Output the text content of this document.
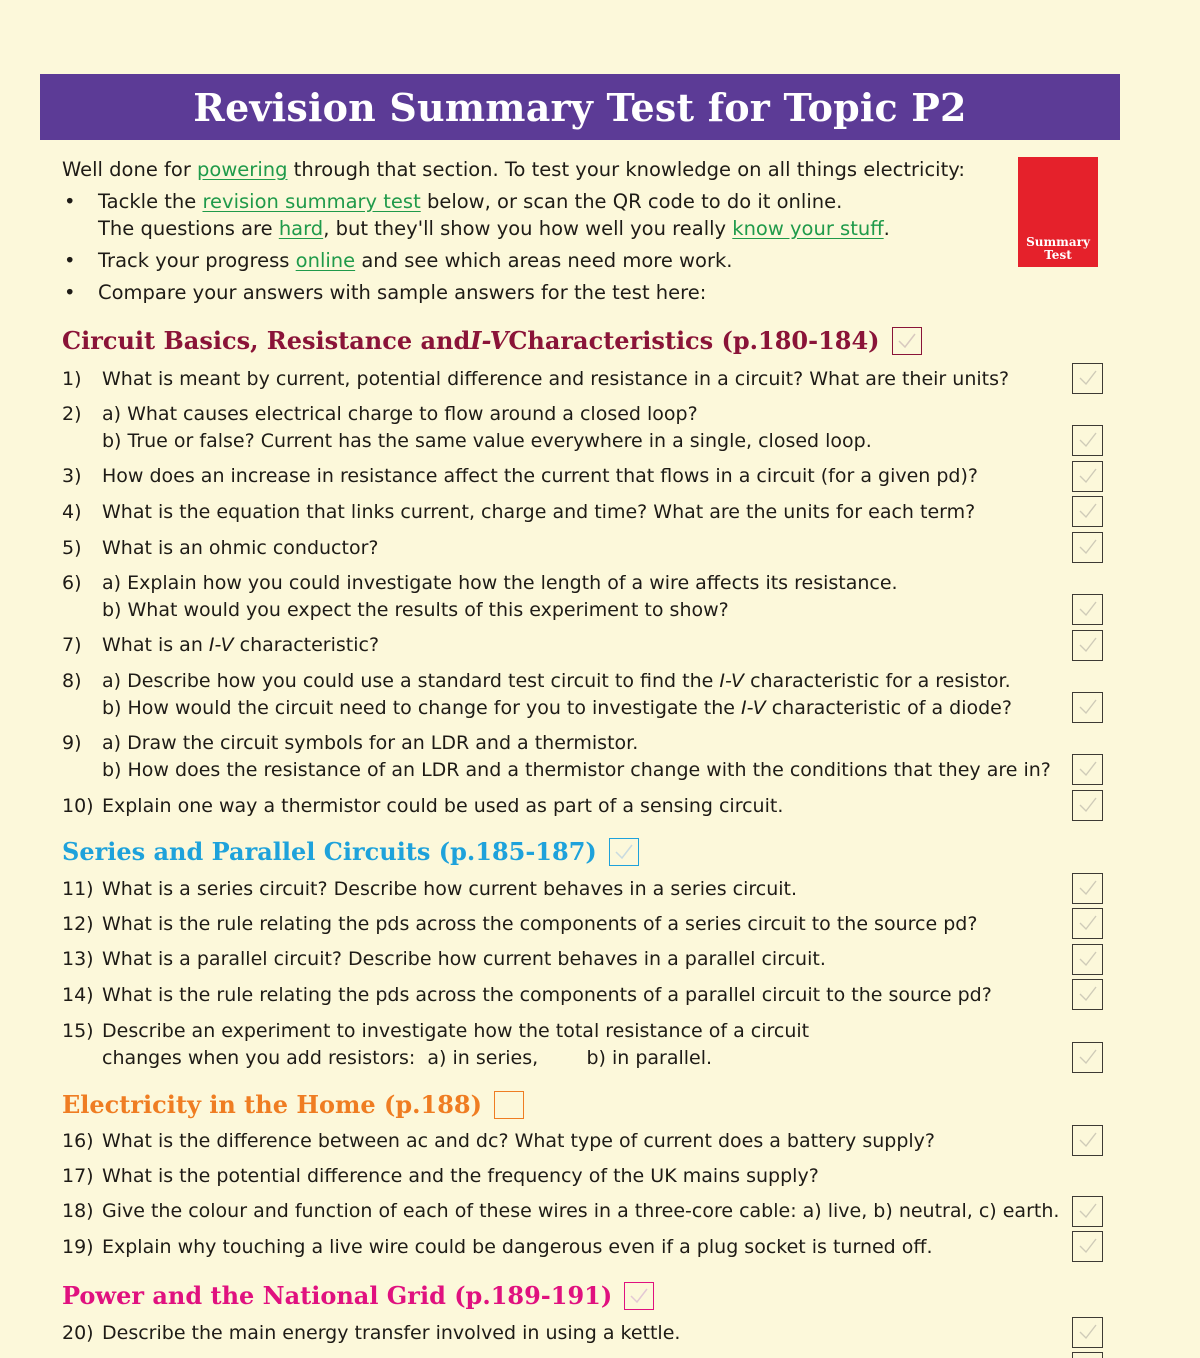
Revision Summary Test for Topic P2
Well done for powering through that section. To test your knowledge on all things electricity:
• Tackle the revision summary test below, or scan the QR code to do it online.
The questions are hard, but they'll show you how well you really know your stuff.
• Track your progress online and see which areas need more work.
• Compare your answers with sample answers for the test here:
Summary
Test
Circuit Basics, Resistance and I-V Characteristics (p.180-184)
1) What is meant by current, potential difference and resistance in a circuit? What are their units?
2) a) What causes electrical charge to flow around a closed loop?
b) True or false? Current has the same value everywhere in a single, closed loop.
3) How does an increase in resistance affect the current that flows in a circuit (for a given pd)?
4) What is the equation that links current, charge and time? What are the units for each term?
5) What is an ohmic conductor?
6) a) Explain how you could investigate how the length of a wire affects its resistance.
b) What would you expect the results of this experiment to show?
7) What is an I-V characteristic?
8) a) Describe how you could use a standard test circuit to find the I-V characteristic for a resistor.
b) How would the circuit need to change for you to investigate the I-V characteristic of a diode?
9) a) Draw the circuit symbols for an LDR and a thermistor.
b) How does the resistance of an LDR and a thermistor change with the conditions that they are in?
10) Explain one way a thermistor could be used as part of a sensing circuit.
Series and Parallel Circuits (p.185-187)
11) What is a series circuit? Describe how current behaves in a series circuit.
12) What is the rule relating the pds across the components of a series circuit to the source pd?
13) What is a parallel circuit? Describe how current behaves in a parallel circuit.
14) What is the rule relating the pds across the components of a parallel circuit to the source pd?
15) Describe an experiment to investigate how the total resistance of a circuit
changes when you add resistors:  a) in series,        b) in parallel.
Electricity in the Home (p.188)
16) What is the difference between ac and dc? What type of current does a battery supply?
17) What is the potential difference and the frequency of the UK mains supply?
18) Give the colour and function of each of these wires in a three-core cable: a) live, b) neutral, c) earth.
19) Explain why touching a live wire could be dangerous even if a plug socket is turned off.
Power and the National Grid (p.189-191)
20) Describe the main energy transfer involved in using a kettle.
